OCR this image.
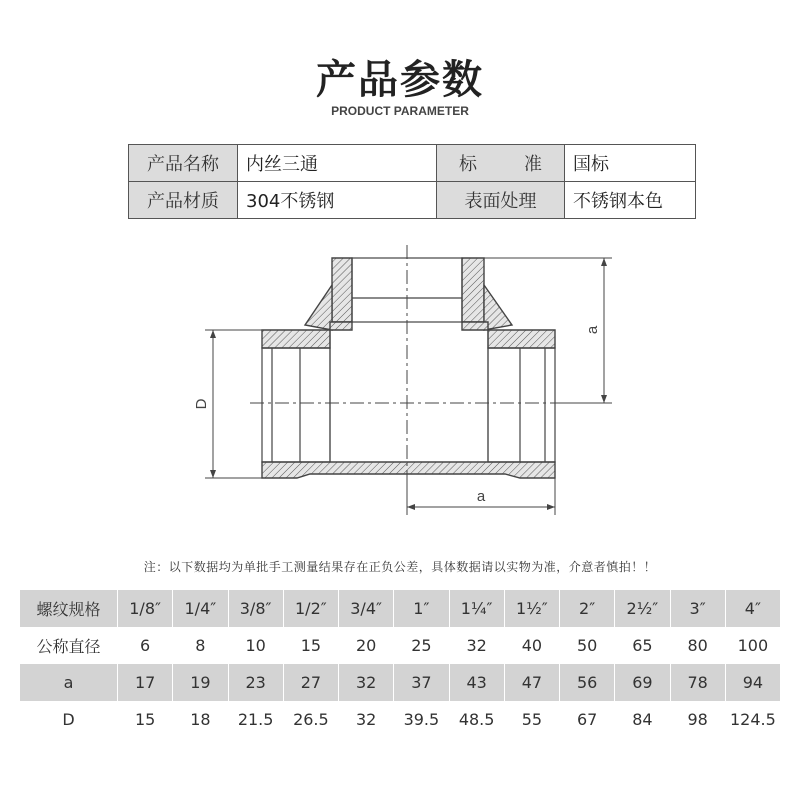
产品参数
PRODUCT PARAMETER
产品名称	内丝三通	标 准	国标
产品材质	304不锈钢	表面处理	不锈钢本色
a
a
D
注：以下数据均为单批手工测量结果存在正负公差，具体数据请以实物为准，介意者慎拍！！
螺纹规格	1/8″	1/4″	3/8″	1/2″	3/4″	1″	1¼″	1½″	2″	2½″	3″	4″
公称直径	6	8	10	15	20	25	32	40	50	65	80	100
a	17	19	23	27	32	37	43	47	56	69	78	94
D	15	18	21.5	26.5	32	39.5	48.5	55	67	84	98	124.5
